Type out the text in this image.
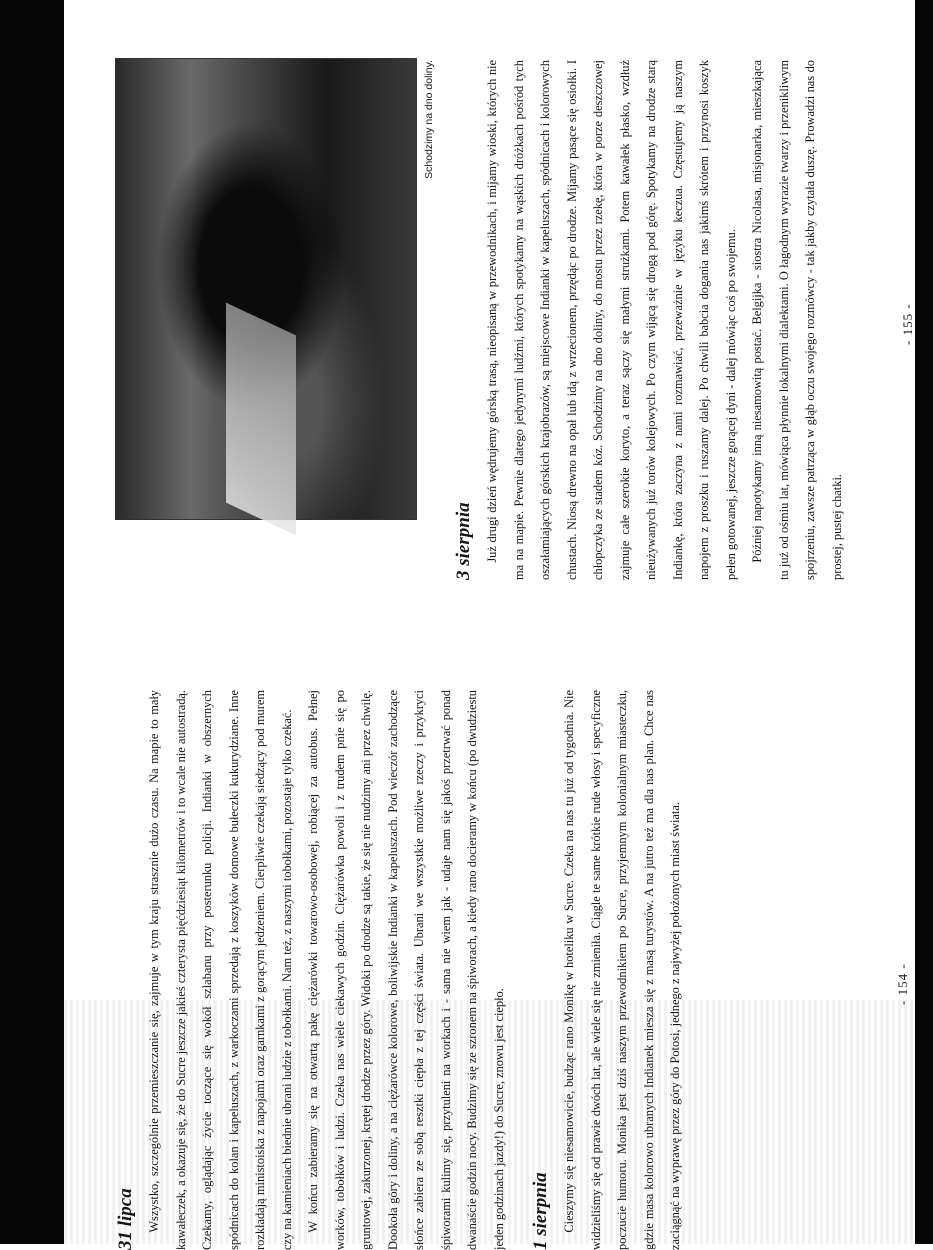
31 lipca Wszystko, szczególnie przemieszczanie się, zajmuje w tym kraju strasznie dużo czasu. Na mapie to mały kawałeczek, a okazuje się, że do Sucre jeszcze jakieś czterysta pięćdziesiąt kilometrów i to wcale nie autostradą. Czekamy, oglądając życie toczące się wokół szlabanu przy posterunku policji. Indianki w obszernych spódnicach do kolan i kapeluszach, z warkoczami sprzedają z koszyków domowe bułeczki kukurydziane. Inne rozkładają ministoiska z napojami oraz garnkami z gorącym jedzeniem. Cierpliwie czekają siedzący pod murem czy na kamieniach biednie ubrani ludzie z tobołkami. Nam też, z naszymi tobołkami, pozostaje tylko czekać.	W końcu zabieramy się na otwartą pakę ciężarówki towarowo-osobowej, robiącej za autobus. Pełnej worków, tobołków i ludzi. Czeka nas wiele ciekawych godzin. Ciężarówka powoli i z trudem pnie się po gruntowej, zakurzonej, krętej drodze przez góry. Widoki po drodze są takie, że się nie nudzimy ani przez chwilę. Dookoła góry i doliny, a na ciężarówce kolorowe, boliwijskie Indianki w kapeluszach. Pod wieczór zachodzące słońce zabiera ze sobą resztki ciepła z tej części świata. Ubrani we wszystkie możliwe rzeczy i przykryci śpiworami kulimy się, przytuleni na workach i - sama nie wiem jak - udaje nam się jakoś przetrwać ponad dwanaście godzin nocy. Budzimy się ze szronem na śpiworach, a kiedy rano docieramy w końcu (po dwudziestu jeden godzinach jazdy!) do Sucre, znowu jest ciepło.	1 sierpnia Cieszymy się niesamowicie, budząc rano Monikę w hoteliku w Sucre. Czeka na nas tu już od tygodnia. Nie widzieliśmy się od prawie dwóch lat, ale wiele się nie zmieniła. Ciągle te same krótkie rude włosy i specyficzne poczucie humoru. Monika jest dziś naszym przewodnikiem po Sucre, przyjemnym kolonialnym miasteczku, gdzie masa kolorowo ubranych Indianek miesza się z masą turystów. A na jutro też ma dla nas plan. Chce nas zaciągnąć na wyprawę przez góry do Potosi, jednego z najwyżej położonych miast świata.	- 154 -

Schodzimy na dno doliny.

3 sierpnia Już drugi dzień wędrujemy górską trasą, nieopisaną w przewodnikach, i mijamy wioski, których nie ma na mapie. Pewnie dlatego jedynymi ludźmi, których spotykamy na wąskich dróżkach pośród tych oszałamiających górskich krajobrazów, są miejscowe Indianki w kapeluszach, spódnicach i kolorowych chustach. Niosą drewno na opał lub idą z wrzecionem, przędąc po drodze. Mijamy pasące się osiołki. I chłopczyka ze stadem kóz. Schodzimy na dno doliny, do mostu przez rzekę, która w porze deszczowej zajmuje całe szerokie koryto, a teraz sączy się małymi strużkami. Potem kawałek płasko, wzdłuż nieużywanych już torów kolejowych. Po czym wijącą się drogą pod górę. Spotykamy na drodze starą Indiankę, która zaczyna z nami rozmawiać, przeważnie w języku keczua. Częstujemy ją naszym napojem z proszku i ruszamy dalej. Po chwili babcia dogania nas jakimś skrótem i przynosi koszyk pełen gotowanej, jeszcze gorącej dyni - dalej mówiąc coś po swojemu.	Później napotykamy inną niesamowitą postać. Belgijka - siostra Nicolasa, misjonarka, mieszkająca tu już od ośmiu lat, mówiąca płynnie lokalnymi dialektami. O łagodnym wyrazie twarzy i przenikliwym spojrzeniu, zawsze patrząca w głąb oczu swojego rozmówcy - tak jakby czytała duszę. Prowadzi nas do prostej, pustej chatki.

- 155 -
